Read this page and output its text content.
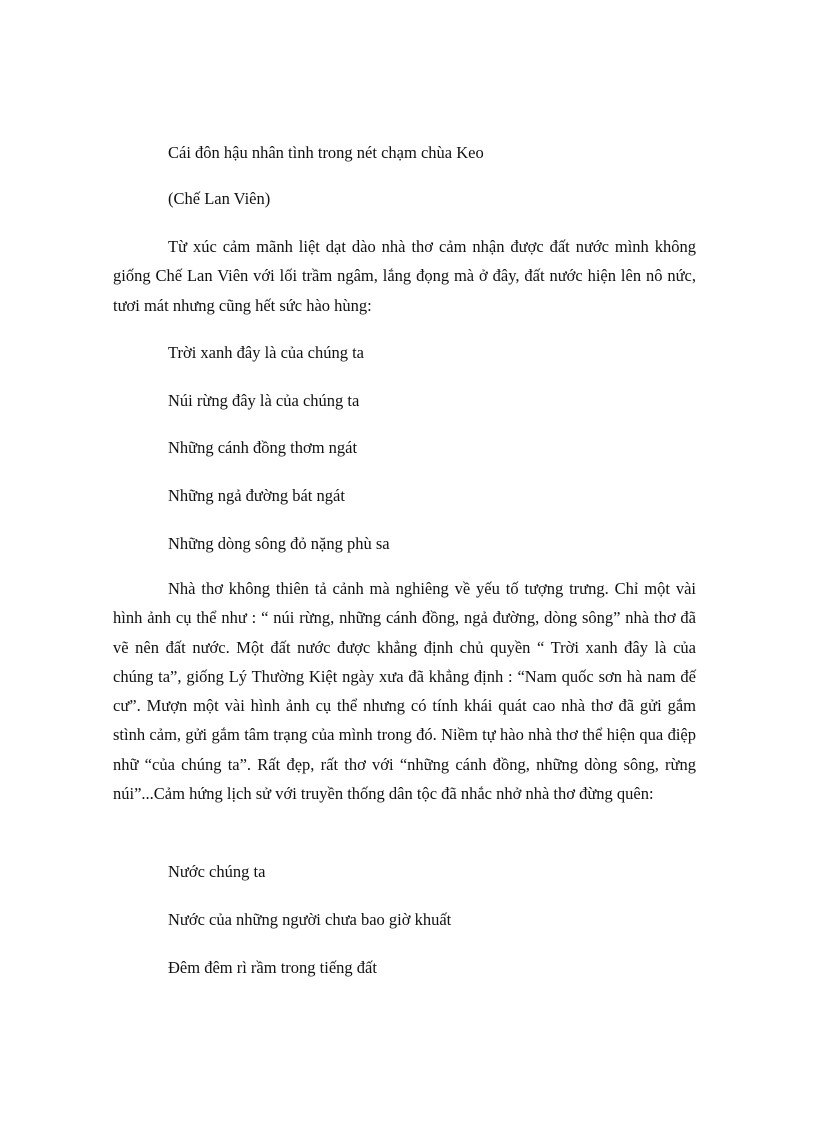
Cái đôn hậu nhân tình trong nét chạm chùa Keo
(Chế Lan Viên)

Từ xúc cảm mãnh liệt dạt dào nhà thơ cảm nhận được đất nước mình không giống Chế Lan Viên với lối trầm ngâm, lắng đọng mà ở đây, đất nước hiện lên nô nức, tươi mát nhưng cũng hết sức hào hùng:

Trời xanh đây là của chúng ta
Núi rừng đây là của chúng ta
Những cánh đồng thơm ngát
Những ngả đường bát ngát
Những dòng sông đỏ nặng phù sa

Nhà thơ không thiên tả cảnh mà nghiêng về yếu tố tượng trưng. Chỉ một vài hình ảnh cụ thể như : “ núi rừng, những cánh đồng, ngả đường, dòng sông” nhà thơ đã vẽ nên đất nước. Một đất nước được khẳng định chủ quyền “ Trời xanh đây là của chúng ta”, giống Lý Thường Kiệt ngày xưa đã khẳng định : “Nam quốc sơn hà nam đế cư”. Mượn một vài hình ảnh cụ thể nhưng có tính khái quát cao nhà thơ đã gửi gắm stình cảm, gửi gắm tâm trạng của mình trong đó. Niềm tự hào nhà thơ thể hiện qua điệp nhữ “của chúng ta”. Rất đẹp, rất thơ với “những cánh đồng, những dòng sông, rừng núi”...Cảm hứng lịch sử với truyền thống dân tộc đã nhắc nhở nhà thơ đừng quên:

Nước chúng ta
Nước của những người chưa bao giờ khuất
Đêm đêm rì rầm trong tiếng đất
